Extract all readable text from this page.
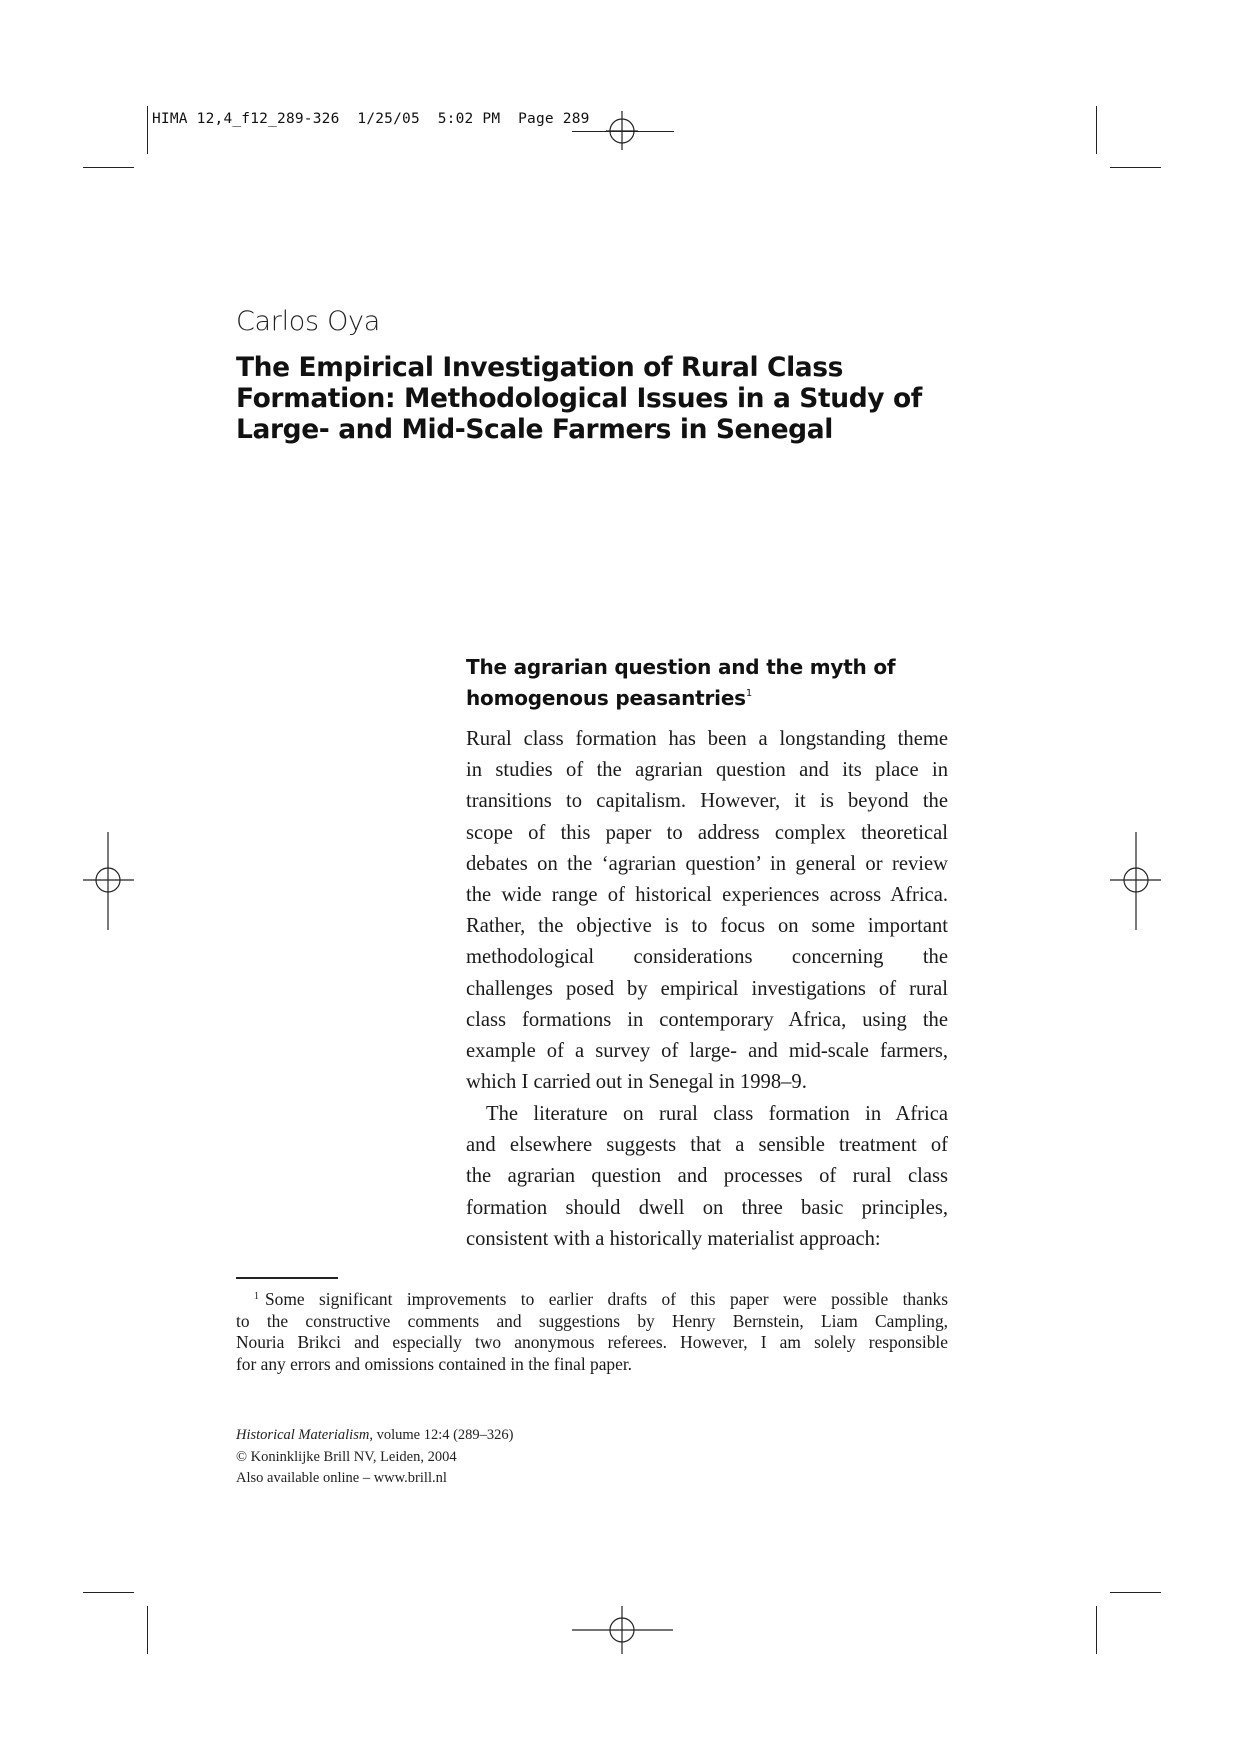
HIMA 12,4_f12_289-326  1/25/05  5:02 PM  Page 289
Carlos Oya
The Empirical Investigation of Rural Class
Formation: Methodological Issues in a Study of
Large- and Mid-Scale Farmers in Senegal
The agrarian question and the myth of
homogenous peasantries$^1$
Rural class formation has been a longstanding theme
in studies of the agrarian question and its place in
transitions to capitalism. However, it is beyond the
scope of this paper to address complex theoretical
debates on the ‘agrarian question’ in general or review
the wide range of historical experiences across Africa.
Rather, the objective is to focus on some important
methodological considerations concerning the
challenges posed by empirical investigations of rural
class formations in contemporary Africa, using the
example of a survey of large- and mid-scale farmers,
which I carried out in Senegal in 1998–9.
The literature on rural class formation in Africa
and elsewhere suggests that a sensible treatment of
the agrarian question and processes of rural class
formation should dwell on three basic principles,
consistent with a historically materialist approach:
$^1$ Some significant improvements to earlier drafts of this paper were possible thanks
to the constructive comments and suggestions by Henry Bernstein, Liam Campling,
Nouria Brikci and especially two anonymous referees. However, I am solely responsible
for any errors and omissions contained in the final paper.
Historical Materialism, volume 12:4 (289–326)
© Koninklijke Brill NV, Leiden, 2004
Also available online – www.brill.nl
